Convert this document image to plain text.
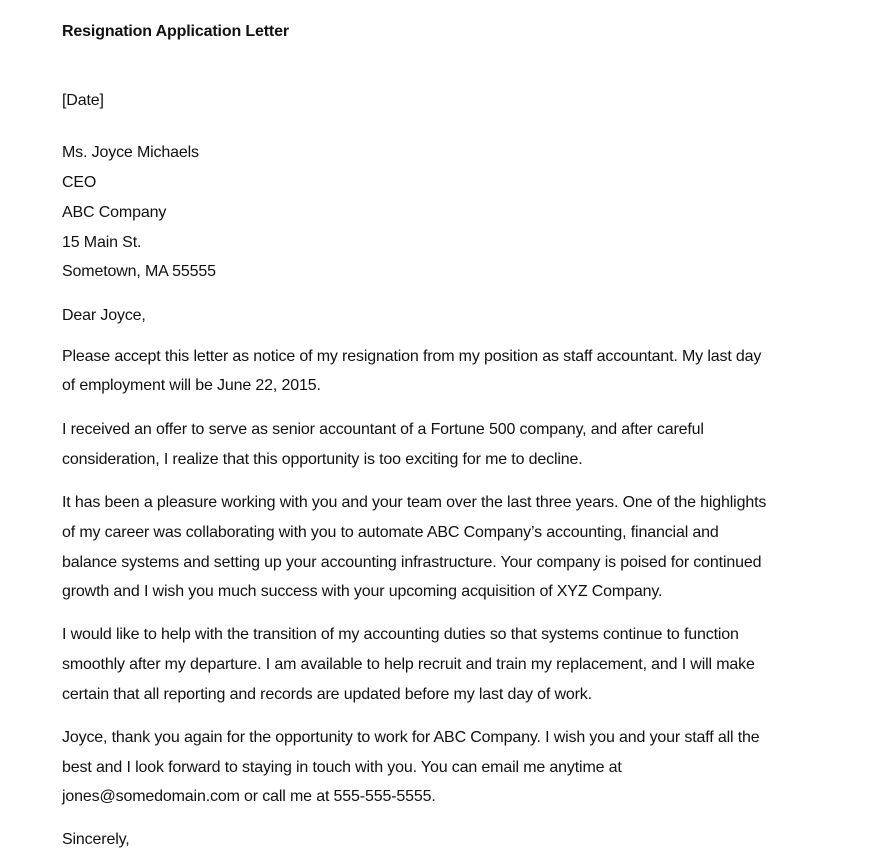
Resignation Application Letter
[Date]
Ms. Joyce Michaels
CEO
ABC Company
15 Main St.
Sometown, MA 55555
Dear Joyce,
Please accept this letter as notice of my resignation from my position as staff accountant. My last day
of employment will be June 22, 2015.
I received an offer to serve as senior accountant of a Fortune 500 company, and after careful
consideration, I realize that this opportunity is too exciting for me to decline.
It has been a pleasure working with you and your team over the last three years. One of the highlights
of my career was collaborating with you to automate ABC Company’s accounting, financial and
balance systems and setting up your accounting infrastructure. Your company is poised for continued
growth and I wish you much success with your upcoming acquisition of XYZ Company.
I would like to help with the transition of my accounting duties so that systems continue to function
smoothly after my departure. I am available to help recruit and train my replacement, and I will make
certain that all reporting and records are updated before my last day of work.
Joyce, thank you again for the opportunity to work for ABC Company. I wish you and your staff all the
best and I look forward to staying in touch with you. You can email me anytime at
jones@somedomain.com or call me at 555-555-5555.
Sincerely,
